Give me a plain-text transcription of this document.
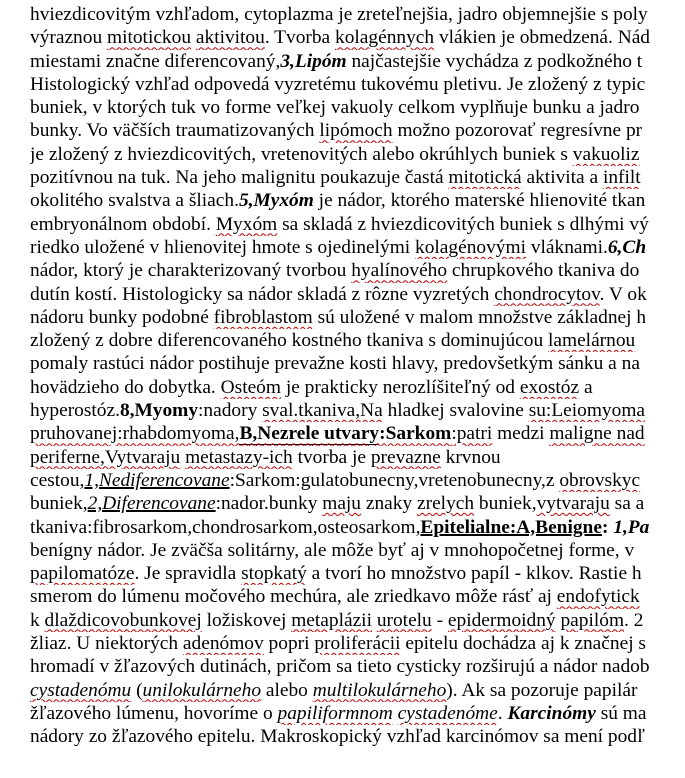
hviezdicovitým vzhľadom, cytoplazma je zreteľnejšia, jadro objemnejšie s poly
výraznou mitotickou aktivitou. Tvorba kolagénnych vlákien je obmedzená. Nád
miestami značne diferencovaný,3,Lipóm najčastejšie vychádza z podkožného t
Histologický vzhľad odpovedá vyzretému tukovému pletivu. Je zložený z typic
buniek, v ktorých tuk vo forme veľkej vakuoly celkom vyplňuje bunku a jadro
bunky. Vo väčších traumatizovaných lipómoch možno pozorovať regresívne pr
je zložený z hviezdicovitých, vretenovitých alebo okrúhlych buniek s vakuoliz
pozitívnou na tuk. Na jeho malignitu poukazuje častá mitotická aktivita a infilt
okolitého svalstva a šliach.5,Myxóm je nádor, ktorého materské hlienovité tkan
embryonálnom období. Myxóm sa skladá z hviezdicovitých buniek s dlhými vý
riedko uložené v hlienovitej hmote s ojedinelými kolagénovými vláknami.6,Ch
nádor, ktorý je charakterizovaný tvorbou hyalínového chrupkového tkaniva do
dutín kostí. Histologicky sa nádor skladá z rôzne vyzretých chondrocytov. V ok
nádoru bunky podobné fibroblastom sú uložené v malom množstve základnej h
zložený z dobre diferencovaného kostného tkaniva s dominujúcou lamelárnou
pomaly rastúci nádor postihuje prevažne kosti hlavy, predovšetkým sánku a na
hovädzieho do dobytka. Osteóm je prakticky nerozlíšiteľný od exostóz a
hyperostóz.8,Myomy:nadory sval.tkaniva,Na hladkej svalovine su:Leiomyoma
pruhovanej:rhabdomyoma,B,Nezrele utvary:Sarkom:patri medzi maligne nad
periferne,Vytvaraju metastazy-ich tvorba je prevazne krvnou
cestou,1,Nediferencovane:Sarkom:gulatobunecny,vretenobunecny,z obrovskyc
buniek,2,Diferencovane:nador.bunky maju znaky zrelych buniek,vytvaraju sa a
tkaniva:fibrosarkom,chondrosarkom,osteosarkom,Epitelialne:A,Benigne: 1,Pa
benígny nádor. Je zväčša solitárny, ale môže byť aj v mnohopočetnej forme, v
papilomatóze. Je spravidla stopkatý a tvorí ho množstvo papíl - klkov. Rastie h
smerom do lúmenu močového mechúra, ale zriedkavo môže rásť aj endofytick
k dlaždicovobunkovej ložiskovej metaplázii urotelu - epidermoidný papilóm. 2
žliaz. U niektorých adenómov popri proliferácii epitelu dochádza aj k značnej s
hromadí v žľazových dutinách, pričom sa tieto cysticky rozširujú a nádor nadob
cystadenómu (unilokulárneho alebo multilokulárneho). Ak sa pozoruje papilár
žľazového lúmenu, hovoríme o papiliformnom cystadenóme. Karcinómy sú ma
nádory zo žľazového epitelu. Makroskopický vzhľad karcinómov sa mení podľ
